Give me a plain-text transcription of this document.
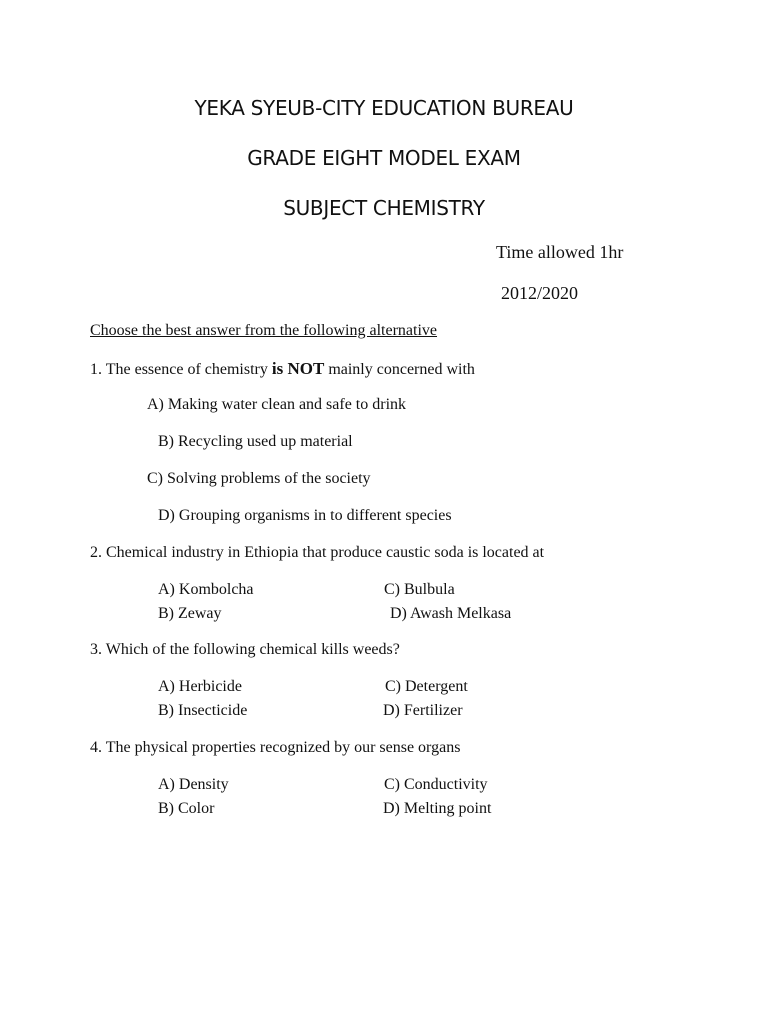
YEKA SYEUB-CITY EDUCATION BUREAU
GRADE EIGHT MODEL EXAM
SUBJECT CHEMISTRY
Time allowed 1hr
2012/2020
Choose the best answer from the following alternative
1. The essence of chemistry is NOT mainly concerned with
A) Making water clean and safe to drink
B) Recycling used up material
C) Solving problems of the society
D) Grouping organisms in to different species
2. Chemical industry in Ethiopia that produce caustic soda is located at
A) Kombolcha	C) Bulbula
B) Zeway	D) Awash Melkasa
3. Which of the following chemical kills weeds?
A) Herbicide	C) Detergent
B) Insecticide	D) Fertilizer
4. The physical properties recognized by our sense organs
A) Density	C) Conductivity
B) Color	D) Melting point
